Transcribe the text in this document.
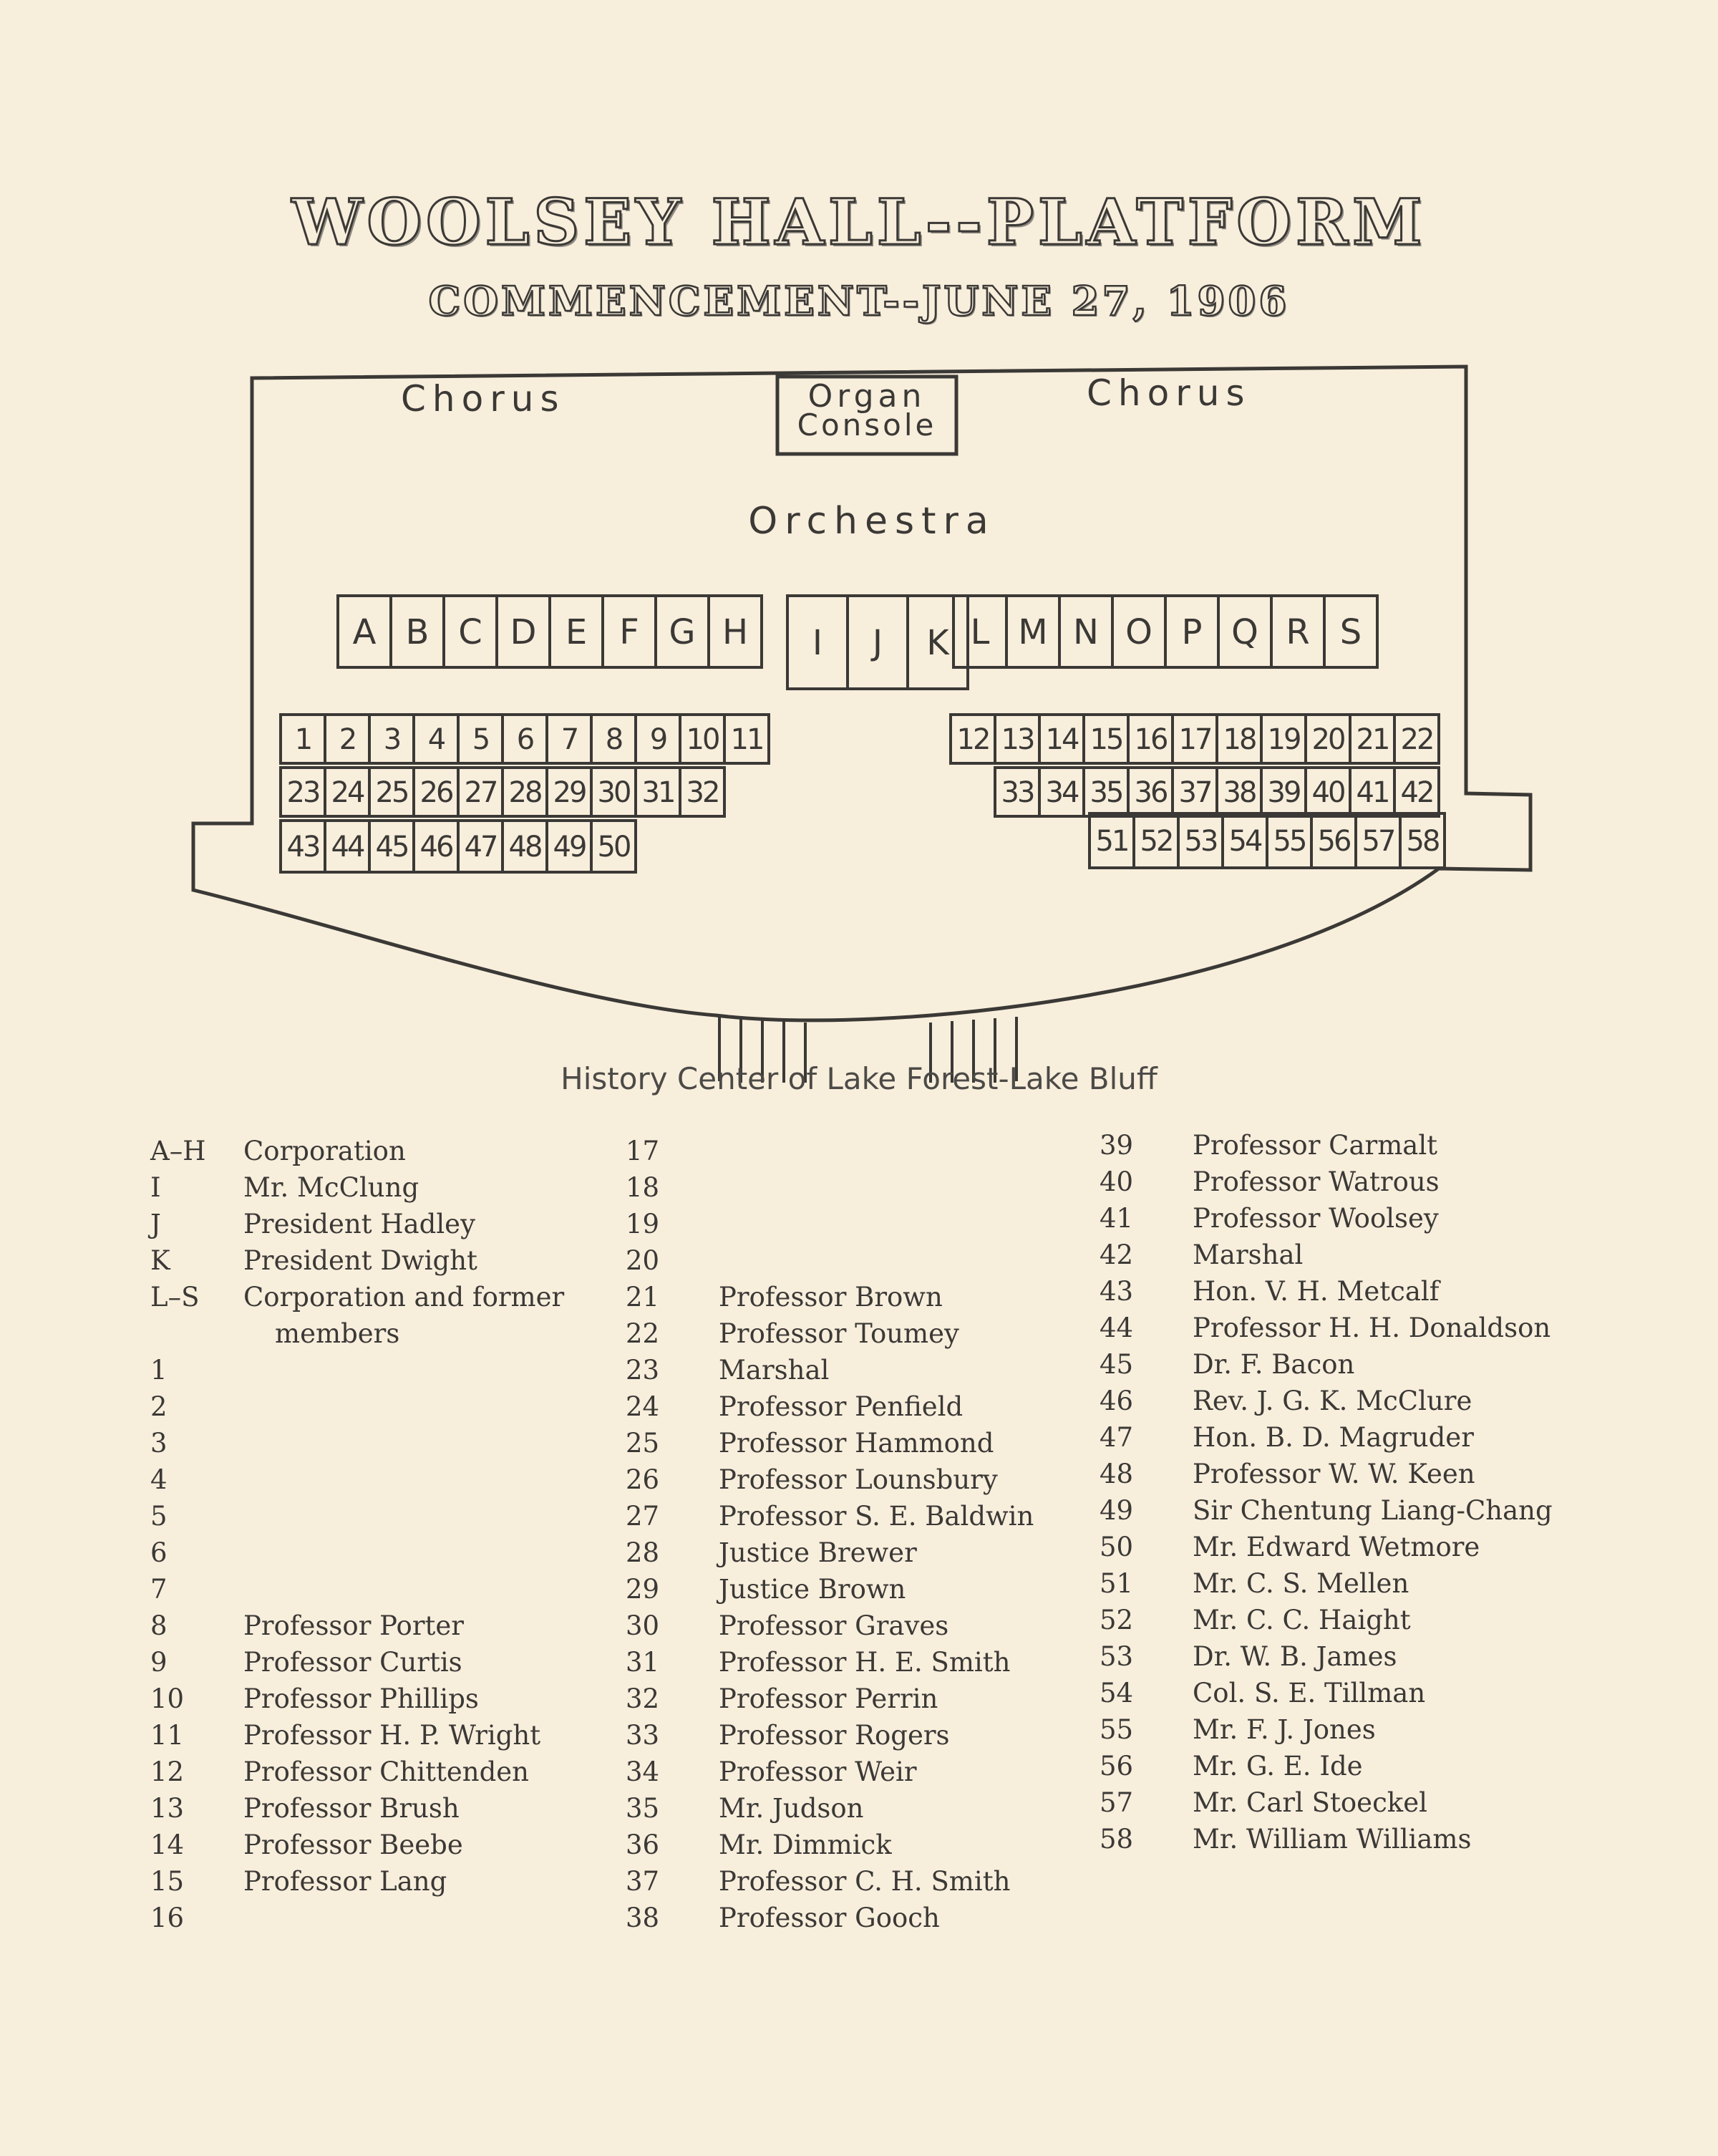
WOOLSEY HALL--PLATFORM
COMMENCEMENT--JUNE 27, 1906
Chorus	Chorus
Organ
Console
Orchestra
A B C D E F G H I J K L M N O P Q R S
1 2 3 4 5 6 7 8 9 10 11
23 24 25 26 27 28 29 30 31 32
43 44 45 46 47 48 49 50
12 13 14 15 16 17 18 19 20 21 22
33 34 35 36 37 38 39 40 41 42
51 52 53 54 55 56 57 58
History Center of Lake Forest-Lake Bluff
A–H Corporation
I	Mr. McClung
J	President Hadley
K	President Dwight
L–S Corporation and former
members
1
2
3
4
5
6
7
8	Professor Porter
9	Professor Curtis
10 Professor Phillips
11 Professor H. P. Wright
12 Professor Chittenden
13 Professor Brush
14 Professor Beebe
15 Professor Lang
16
17
18
19
20
21 Professor Brown
22 Professor Toumey
23 Marshal
24 Professor Penfield
25 Professor Hammond
26 Professor Lounsbury
27 Professor S. E. Baldwin
28 Justice Brewer
29 Justice Brown
30 Professor Graves
31 Professor H. E. Smith
32 Professor Perrin
33 Professor Rogers
34 Professor Weir
35 Mr. Judson
36 Mr. Dimmick
37 Professor C. H. Smith
38 Professor Gooch
39 Professor Carmalt
40 Professor Watrous
41 Professor Woolsey
42 Marshal
43 Hon. V. H. Metcalf
44 Professor H. H. Donaldson
45 Dr. F. Bacon
46 Rev. J. G. K. McClure
47 Hon. B. D. Magruder
48 Professor W. W. Keen
49 Sir Chentung Liang-Chang
50 Mr. Edward Wetmore
51 Mr. C. S. Mellen
52 Mr. C. C. Haight
53 Dr. W. B. James
54 Col. S. E. Tillman
55 Mr. F. J. Jones
56 Mr. G. E. Ide
57 Mr. Carl Stoeckel
58 Mr. William Williams
